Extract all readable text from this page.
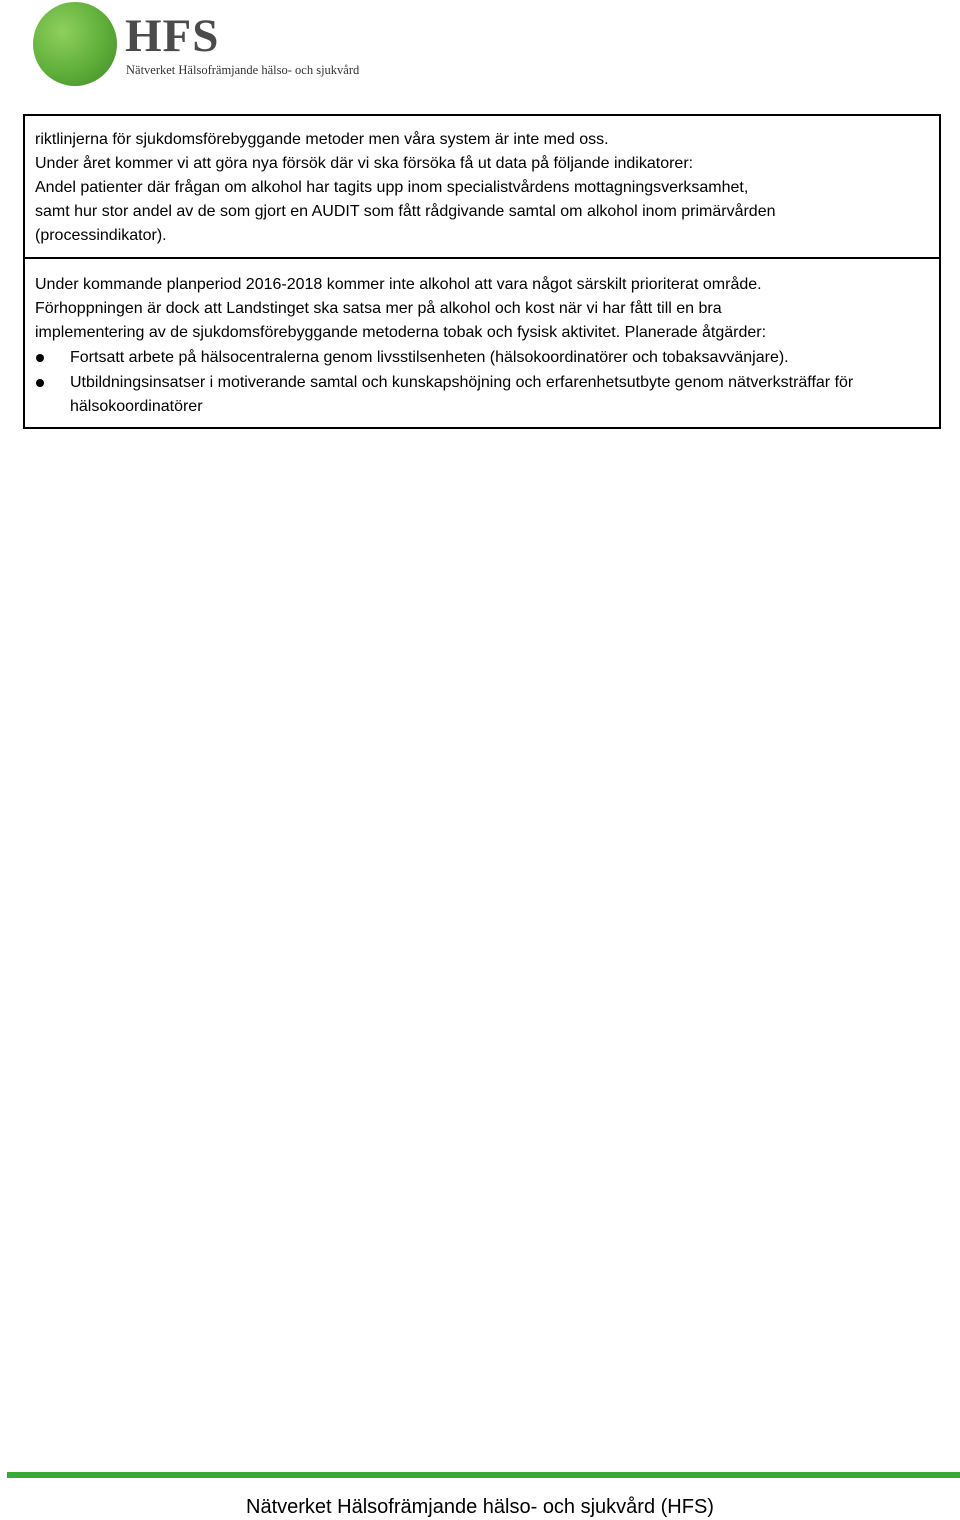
HFS
Nätverket Hälsofrämjande hälso- och sjukvård
riktlinjerna för sjukdomsförebyggande metoder men våra system är inte med oss.
Under året kommer vi att göra nya försök där vi ska försöka få ut data på följande indikatorer:
Andel patienter där frågan om alkohol har tagits upp inom specialistvårdens mottagningsverksamhet,
samt hur stor andel av de som gjort en AUDIT som fått rådgivande samtal om alkohol inom primärvården
(processindikator).
Under kommande planperiod 2016-2018 kommer inte alkohol att vara något särskilt prioriterat område.
Förhoppningen är dock att Landstinget ska satsa mer på alkohol och kost när vi har fått till en bra
implementering av de sjukdomsförebyggande metoderna tobak och fysisk aktivitet. Planerade åtgärder:
Fortsatt arbete på hälsocentralerna genom livsstilsenheten (hälsokoordinatörer och tobaksavvänjare).
Utbildningsinsatser i motiverande samtal och kunskapshöjning och erfarenhetsutbyte genom nätverksträffar för hälsokoordinatörer
Nätverket Hälsofrämjande hälso- och sjukvård (HFS)
